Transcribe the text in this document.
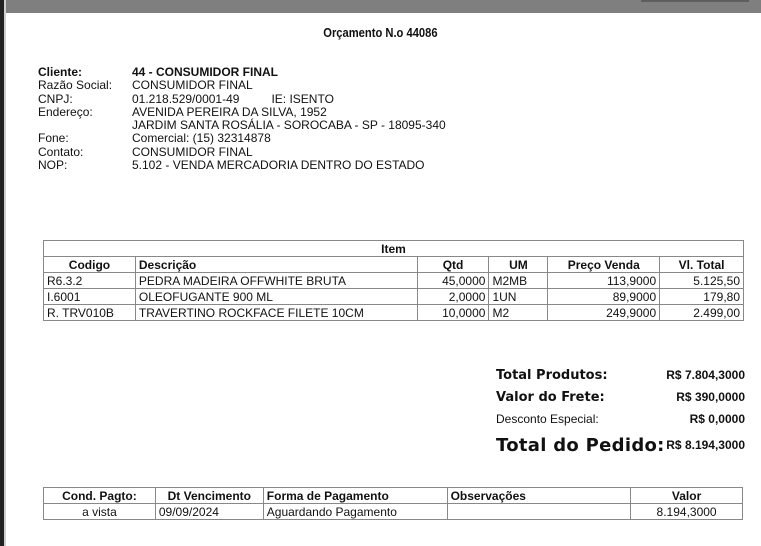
Orçamento N.o 44086
Cliente:	44 - CONSUMIDOR FINAL
Razão Social:	CONSUMIDOR FINAL
CNPJ:	01.218.529/0001-49	IE: ISENTO
Endereço:	AVENIDA PEREIRA DA SILVA, 1952
JARDIM SANTA ROSÁLIA - SOROCABA - SP - 18095-340
Fone:	Comercial: (15) 32314878
Contato:	CONSUMIDOR FINAL
NOP:	5.102 - VENDA MERCADORIA DENTRO DO ESTADO
Item					
Codigo	Descrição	Qtd	UM	Preço Venda	Vl. Total
R6.3.2	PEDRA MADEIRA OFFWHITE BRUTA	45,0000	M2MB	113,9000	5.125,50
I.6001	OLEOFUGANTE 900 ML	2,0000	1UN	89,9000	179,80
R. TRV010B	TRAVERTINO ROCKFACE FILETE 10CM	10,0000	M2	249,9000	2.499,00
Total Produtos:	R$ 7.804,3000
Valor do Frete:	R$ 390,0000
Desconto Especial:	R$ 0,0000
Total do Pedido: R$ 8.194,3000
Cond. Pagto:	Dt Vencimento	Forma de Pagamento	Observações	Valor
a vista	09/09/2024	Aguardando Pagamento		8.194,3000
